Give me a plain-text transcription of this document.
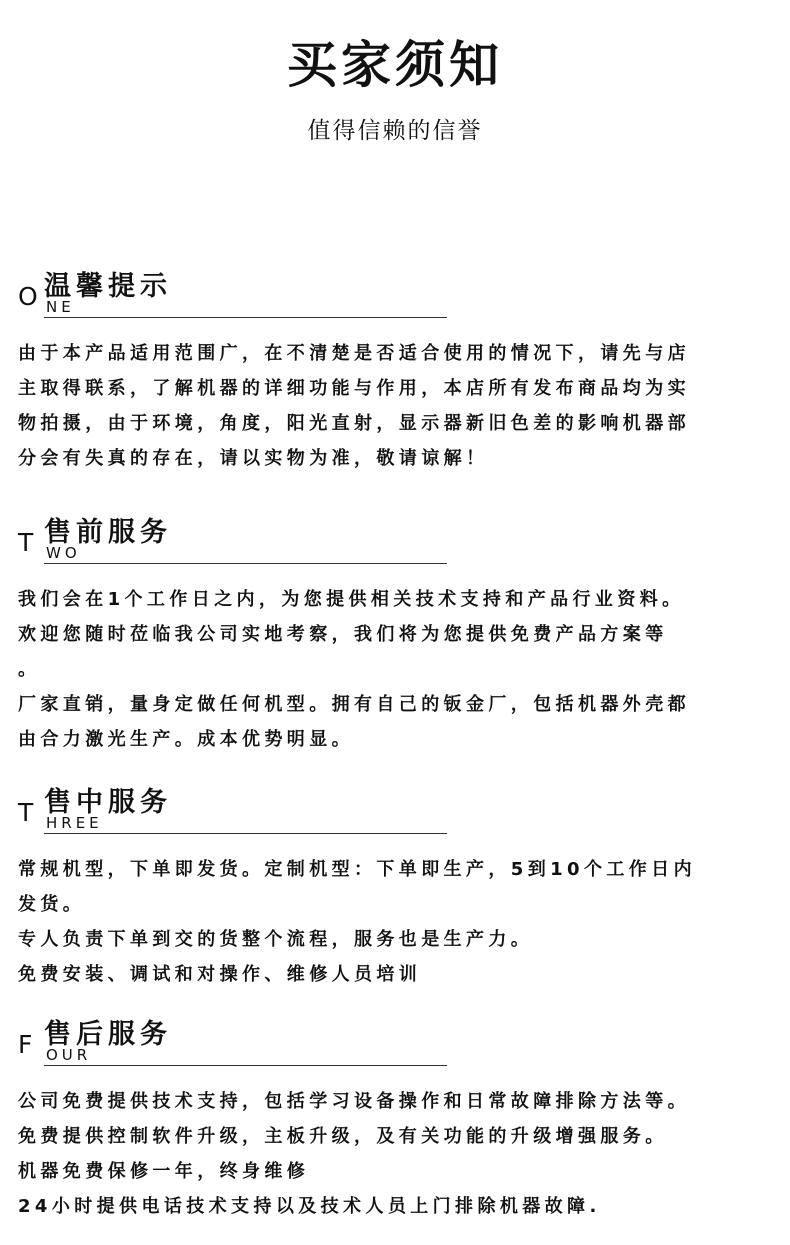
买家须知
值得信赖的信誉
O 温馨提示
NE
由于本产品适用范围广，在不清楚是否适合使用的情况下，请先与店
主取得联系，了解机器的详细功能与作用，本店所有发布商品均为实
物拍摄，由于环境，角度，阳光直射，显示器新旧色差的影响机器部
分会有失真的存在，请以实物为准，敬请谅解！
T 售前服务
WO
我们会在1个工作日之内，为您提供相关技术支持和产品行业资料。
欢迎您随时莅临我公司实地考察，我们将为您提供免费产品方案等
。
厂家直销，量身定做任何机型。拥有自己的钣金厂，包括机器外壳都
由合力激光生产。成本优势明显。
T 售中服务
HREE
常规机型，下单即发货。定制机型：下单即生产，5到10个工作日内
发货。
专人负责下单到交的货整个流程，服务也是生产力。
免费安装、调试和对操作、维修人员培训
F 售后服务
OUR
公司免费提供技术支持，包括学习设备操作和日常故障排除方法等。
免费提供控制软件升级，主板升级，及有关功能的升级增强服务。
机器免费保修一年，终身维修
24小时提供电话技术支持以及技术人员上门排除机器故障.
